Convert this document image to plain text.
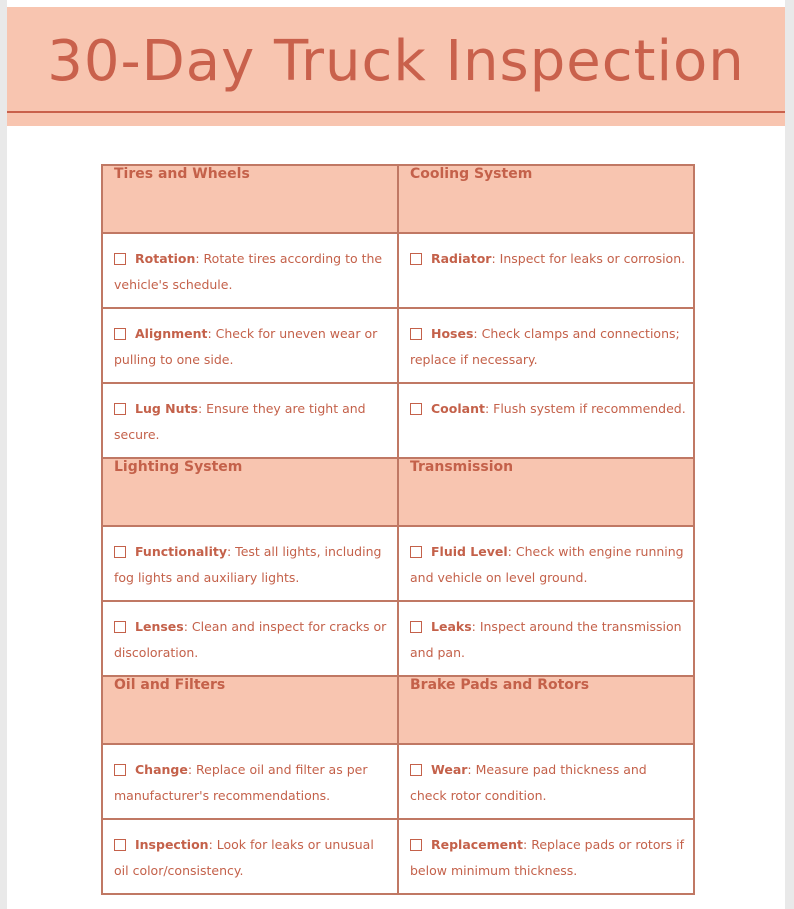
30-Day Truck Inspection
Tires and Wheels	Cooling System

Rotation: Rotate tires according to the vehicle's schedule.	Radiator: Inspect for leaks or corrosion.

Alignment: Check for uneven wear or pulling to one side.	Hoses: Check clamps and connections; replace if necessary.

Lug Nuts: Ensure they are tight and secure.	Coolant: Flush system if recommended.

Lighting System	Transmission

Functionality: Test all lights, including fog lights and auxiliary lights.	Fluid Level: Check with engine running and vehicle on level ground.

Lenses: Clean and inspect for cracks or discoloration.	Leaks: Inspect around the transmission and pan.

Oil and Filters	Brake Pads and Rotors

Change: Replace oil and filter as per manufacturer's recommendations.	Wear: Measure pad thickness and check rotor condition.

Inspection: Look for leaks or unusual oil color/consistency.	Replacement: Replace pads or rotors if below minimum thickness.
